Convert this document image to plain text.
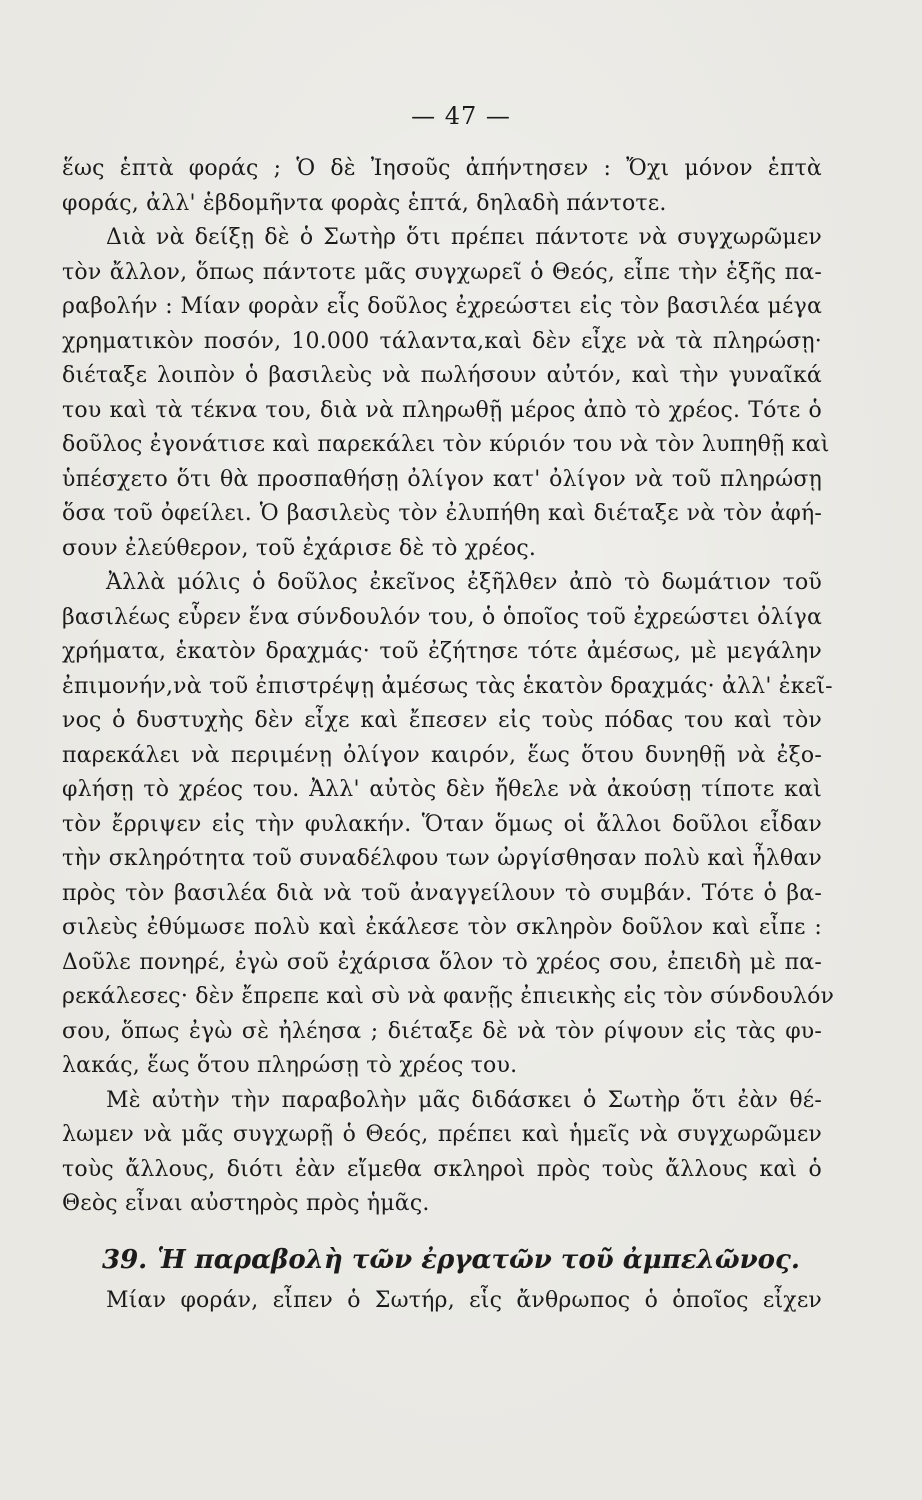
— 47 —
ἕως ἑπτὰ φοράς ; Ὁ δὲ Ἰησοῦς ἀπήντησεν : Ὄχι μόνον ἑπτὰ
φοράς, ἀλλ' ἑβδομῆντα φορὰς ἑπτά, δηλαδὴ πάντοτε.
Διὰ νὰ δείξῃ δὲ ὁ Σωτὴρ ὅτι πρέπει πάντοτε νὰ συγχωρῶμεν
τὸν ἄλλον, ὅπως πάντοτε μᾶς συγχωρεῖ ὁ Θεός, εἶπε τὴν ἑξῆς πα-
ραβολήν : Μίαν φορὰν εἷς δοῦλος ἐχρεώστει εἰς τὸν βασιλέα μέγα
χρηματικὸν ποσόν, 10.000 τάλαντα,καὶ δὲν εἶχε νὰ τὰ πληρώσῃ·
διέταξε λοιπὸν ὁ βασιλεὺς νὰ πωλήσουν αὐτόν, καὶ τὴν γυναῖκά
του καὶ τὰ τέκνα του, διὰ νὰ πληρωθῇ μέρος ἀπὸ τὸ χρέος. Τότε ὁ
δοῦλος ἐγονάτισε καὶ παρεκάλει τὸν κύριόν του νὰ τὸν λυπηθῇ καὶ
ὑπέσχετο ὅτι θὰ προσπαθήσῃ ὀλίγον κατ' ὀλίγον νὰ τοῦ πληρώσῃ
ὅσα τοῦ ὀφείλει. Ὁ βασιλεὺς τὸν ἐλυπήθη καὶ διέταξε νὰ τὸν ἀφή-
σουν ἐλεύθερον, τοῦ ἐχάρισε δὲ τὸ χρέος.
Ἀλλὰ μόλις ὁ δοῦλος ἐκεῖνος ἐξῆλθεν ἀπὸ τὸ δωμάτιον τοῦ
βασιλέως εὗρεν ἕνα σύνδουλόν του, ὁ ὁποῖος τοῦ ἐχρεώστει ὀλίγα
χρήματα, ἑκατὸν δραχμάς· τοῦ ἐζήτησε τότε ἀμέσως, μὲ μεγάλην
ἐπιμονήν,νὰ τοῦ ἐπιστρέψῃ ἀμέσως τὰς ἑκατὸν δραχμάς· ἀλλ' ἐκεῖ-
νος ὁ δυστυχὴς δὲν εἶχε καὶ ἔπεσεν εἰς τοὺς πόδας του καὶ τὸν
παρεκάλει νὰ περιμένῃ ὀλίγον καιρόν, ἕως ὅτου δυνηθῇ νὰ ἐξο-
φλήσῃ τὸ χρέος του. Ἀλλ' αὐτὸς δὲν ἤθελε νὰ ἀκούσῃ τίποτε καὶ
τὸν ἔρριψεν εἰς τὴν φυλακήν. Ὅταν ὅμως οἱ ἄλλοι δοῦλοι εἶδαν
τὴν σκληρότητα τοῦ συναδέλφου των ὠργίσθησαν πολὺ καὶ ἦλθαν
πρὸς τὸν βασιλέα διὰ νὰ τοῦ ἀναγγείλουν τὸ συμβάν. Τότε ὁ βα-
σιλεὺς ἐθύμωσε πολὺ καὶ ἐκάλεσε τὸν σκληρὸν δοῦλον καὶ εἶπε :
Δοῦλε πονηρέ, ἐγὼ σοῦ ἐχάρισα ὅλον τὸ χρέος σου, ἐπειδὴ μὲ πα-
ρεκάλεσες· δὲν ἔπρεπε καὶ σὺ νὰ φανῇς ἐπιεικὴς εἰς τὸν σύνδουλόν
σου, ὅπως ἐγὼ σὲ ἠλέησα ; διέταξε δὲ νὰ τὸν ρίψουν εἰς τὰς φυ-
λακάς, ἕως ὅτου πληρώσῃ τὸ χρέος του.
Μὲ αὐτὴν τὴν παραβολὴν μᾶς διδάσκει ὁ Σωτὴρ ὅτι ἐὰν θέ-
λωμεν νὰ μᾶς συγχωρῇ ὁ Θεός, πρέπει καὶ ἡμεῖς νὰ συγχωρῶμεν
τοὺς ἄλλους, διότι ἐὰν εἴμεθα σκληροὶ πρὸς τοὺς ἄλλους καὶ ὁ
Θεὸς εἶναι αὐστηρὸς πρὸς ἡμᾶς.
39. Ἡ παραβολὴ τῶν ἐργατῶν τοῦ ἀμπελῶνος.
Μίαν φοράν, εἶπεν ὁ Σωτήρ, εἷς ἄνθρωπος ὁ ὁποῖος εἶχεν
